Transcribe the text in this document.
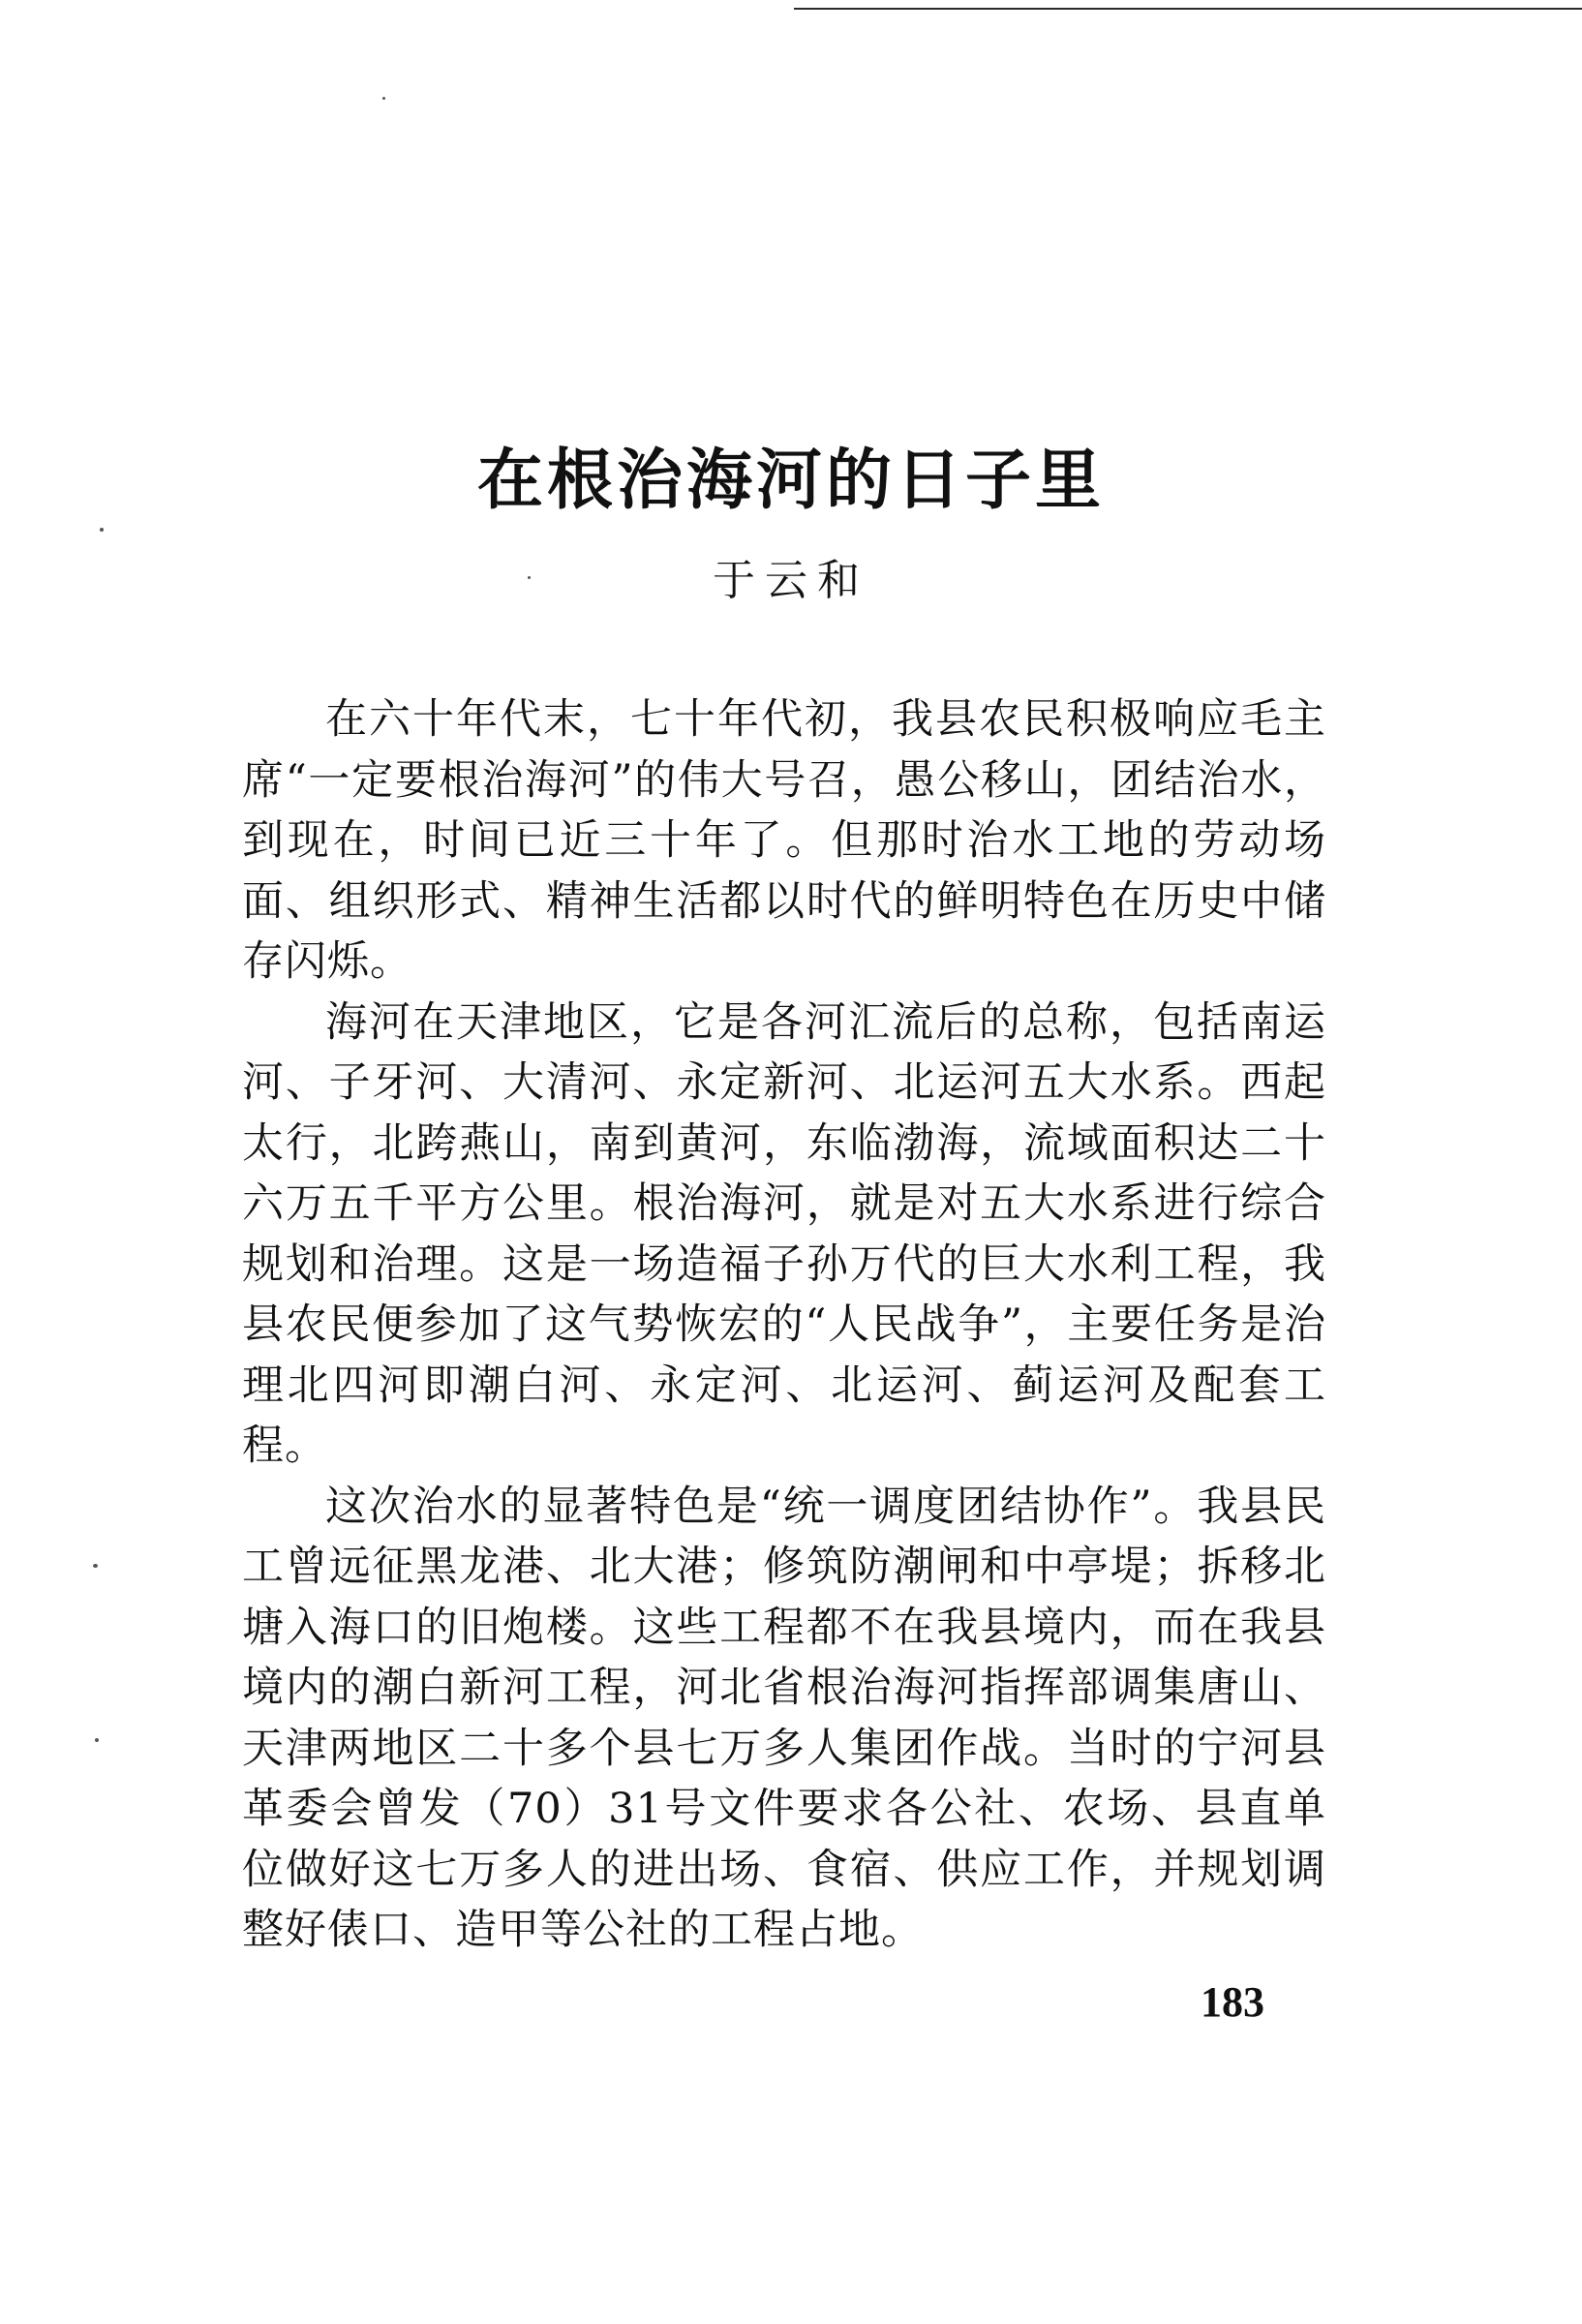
在根治海河的日子里
于云和

在六十年代末，七十年代初，我县农民积极响应毛主席“一定要根治海河”的伟大号召，愚公移山，团结治水，到现在，时间已近三十年了。但那时治水工地的劳动场面、组织形式、精神生活都以时代的鲜明特色在历史中储存闪烁。

海河在天津地区，它是各河汇流后的总称，包括南运河、子牙河、大清河、永定新河、北运河五大水系。西起太行，北跨燕山，南到黄河，东临渤海，流域面积达二十六万五千平方公里。根治海河，就是对五大水系进行综合规划和治理。这是一场造福子孙万代的巨大水利工程，我县农民便参加了这气势恢宏的“人民战争”，主要任务是治理北四河即潮白河、永定河、北运河、蓟运河及配套工程。

这次治水的显著特色是“统一调度团结协作”。我县民工曾远征黑龙港、北大港；修筑防潮闸和中亭堤；拆移北塘入海口的旧炮楼。这些工程都不在我县境内，而在我县境内的潮白新河工程，河北省根治海河指挥部调集唐山、天津两地区二十多个县七万多人集团作战。当时的宁河县革委会曾发（70）31号文件要求各公社、农场、县直单位做好这七万多人的进出场、食宿、供应工作，并规划调整好俵口、造甲等公社的工程占地。

183
